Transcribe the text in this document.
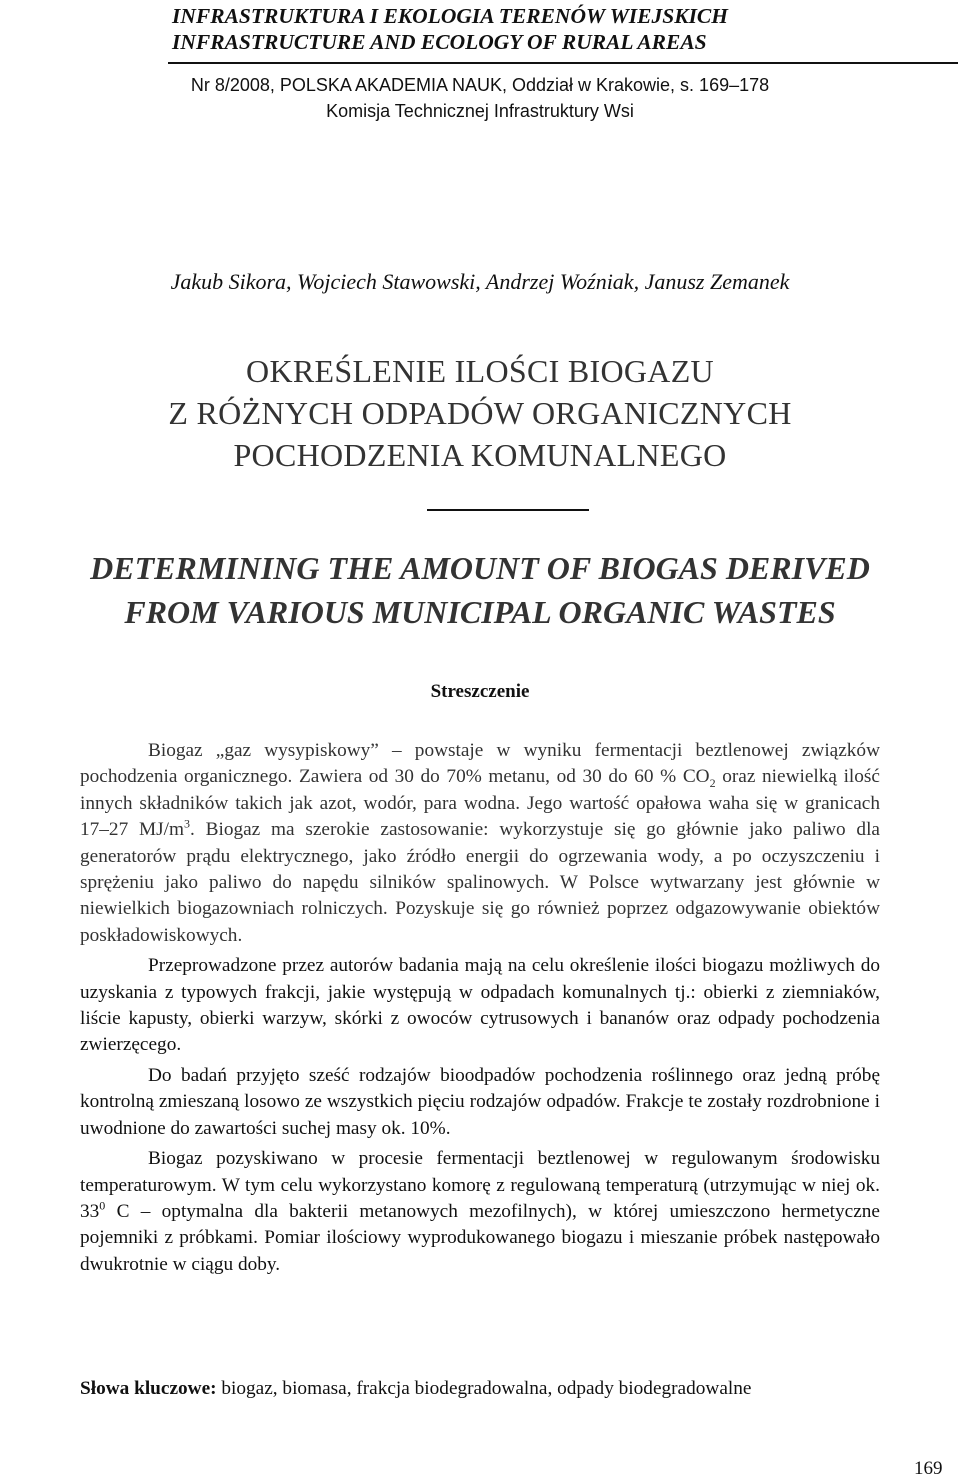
INFRASTRUKTURA I EKOLOGIA TERENÓW WIEJSKICH
INFRASTRUCTURE AND ECOLOGY OF RURAL AREAS
Nr 8/2008, POLSKA AKADEMIA NAUK, Oddział w Krakowie, s. 169–178
Komisja Technicznej Infrastruktury Wsi
Jakub Sikora, Wojciech Stawowski, Andrzej Woźniak, Janusz Zemanek
OKREŚLENIE ILOŚCI BIOGAZU
Z RÓŻNYCH ODPADÓW ORGANICZNYCH
POCHODZENIA KOMUNALNEGO
DETERMINING THE AMOUNT OF BIOGAS DERIVED
FROM VARIOUS MUNICIPAL ORGANIC WASTES
Streszczenie

Biogaz „gaz wysypiskowy” – powstaje w wyniku fermentacji beztlenowej związków pochodzenia organicznego. Zawiera od 30 do 70% metanu, od 30 do 60 % $CO_2$ oraz niewielką ilość innych składników takich jak azot, wodór, para wodna. Jego wartość opałowa waha się w granicach 17–27 $MJ/m^3$. Biogaz ma szerokie zastosowanie: wykorzystuje się go głównie jako paliwo dla generatorów prądu elektrycznego, jako źródło energii do ogrzewania wody, a po oczyszczeniu i sprężeniu jako paliwo do napędu silników spalinowych. W Polsce wytwarzany jest głównie w niewielkich biogazowniach rolniczych. Pozyskuje się go również poprzez odgazowywanie obiektów poskładowiskowych.

Przeprowadzone przez autorów badania mają na celu określenie ilości biogazu możliwych do uzyskania z typowych frakcji, jakie występują w odpadach komunalnych tj.: obierki z ziemniaków, liście kapusty, obierki warzyw, skórki z owoców cytrusowych i bananów oraz odpady pochodzenia zwierzęcego.

Do badań przyjęto sześć rodzajów bioodpadów pochodzenia roślinnego oraz jedną próbę kontrolną zmieszaną losowo ze wszystkich pięciu rodzajów odpadów. Frakcje te zostały rozdrobnione i uwodnione do zawartości suchej masy ok. 10%.

Biogaz pozyskiwano w procesie fermentacji beztlenowej w regulowanym środowisku temperaturowym. W tym celu wykorzystano komorę z regulowaną temperaturą (utrzymując w niej ok. $33^0$ C – optymalna dla bakterii metanowych mezofilnych), w której umieszczono hermetyczne pojemniki z próbkami. Pomiar ilościowy wyprodukowanego biogazu i mieszanie próbek następowało dwukrotnie w ciągu doby.

Słowa kluczowe: biogaz, biomasa, frakcja biodegradowalna, odpady biodegradowalne
169
